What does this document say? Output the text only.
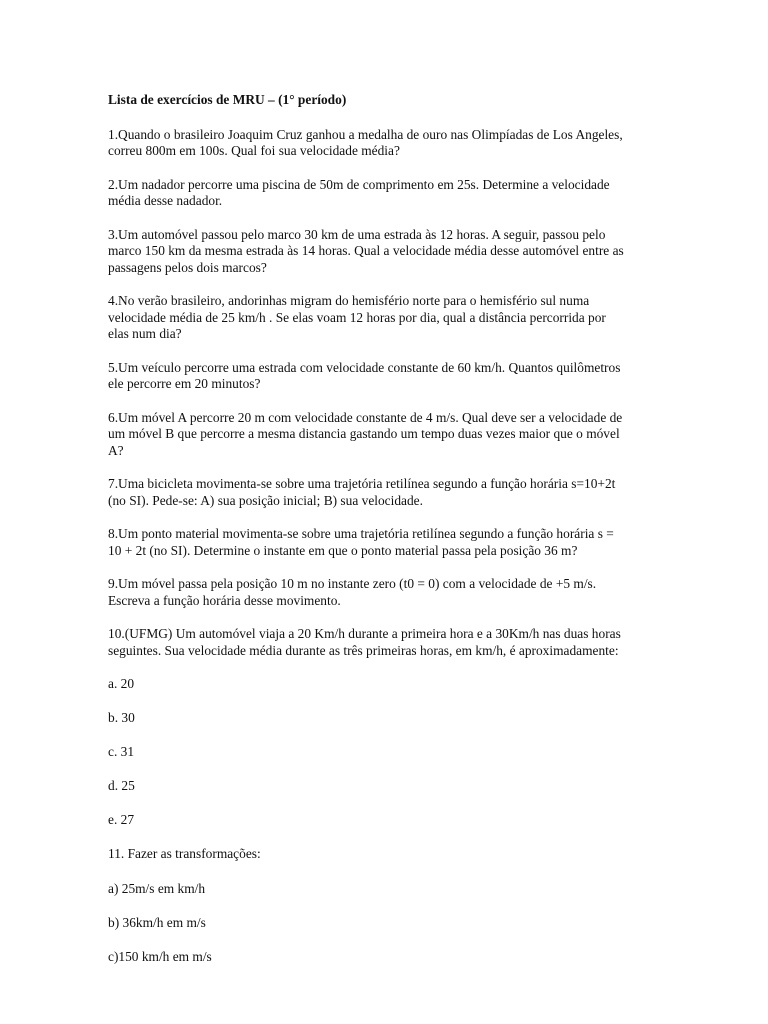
Lista de exercícios de MRU – (1° período)

1.Quando o brasileiro Joaquim Cruz ganhou a medalha de ouro nas Olimpíadas de Los Angeles,
correu 800m em 100s. Qual foi sua velocidade média?

2.Um nadador percorre uma piscina de 50m de comprimento em 25s. Determine a velocidade
média desse nadador.

3.Um automóvel passou pelo marco 30 km de uma estrada às 12 horas. A seguir, passou pelo
marco 150 km da mesma estrada às 14 horas. Qual a velocidade média desse automóvel entre as
passagens pelos dois marcos?

4.No verão brasileiro, andorinhas migram do hemisfério norte para o hemisfério sul numa
velocidade média de 25 km/h . Se elas voam 12 horas por dia, qual a distância percorrida por
elas num dia?

5.Um veículo percorre uma estrada com velocidade constante de 60 km/h. Quantos quilômetros
ele percorre em 20 minutos?

6.Um móvel A percorre 20 m com velocidade constante de 4 m/s. Qual deve ser a velocidade de
um móvel B que percorre a mesma distancia gastando um tempo duas vezes maior que o móvel
A?

7.Uma bicicleta movimenta-se sobre uma trajetória retilínea segundo a função horária s=10+2t
(no SI). Pede-se: A) sua posição inicial; B) sua velocidade.

8.Um ponto material movimenta-se sobre uma trajetória retilínea segundo a função horária s =
10 + 2t (no SI). Determine o instante em que o ponto material passa pela posição 36 m?

9.Um móvel passa pela posição 10 m no instante zero (t0 = 0) com a velocidade de +5 m/s.
Escreva a função horária desse movimento.

10.(UFMG) Um automóvel viaja a 20 Km/h durante a primeira hora e a 30Km/h nas duas horas
seguintes. Sua velocidade média durante as três primeiras horas, em km/h, é aproximadamente:

a. 20

b. 30

c. 31

d. 25

e. 27

11. Fazer as transformações:

a) 25m/s em km/h

b) 36km/h em m/s

c)150 km/h em m/s
